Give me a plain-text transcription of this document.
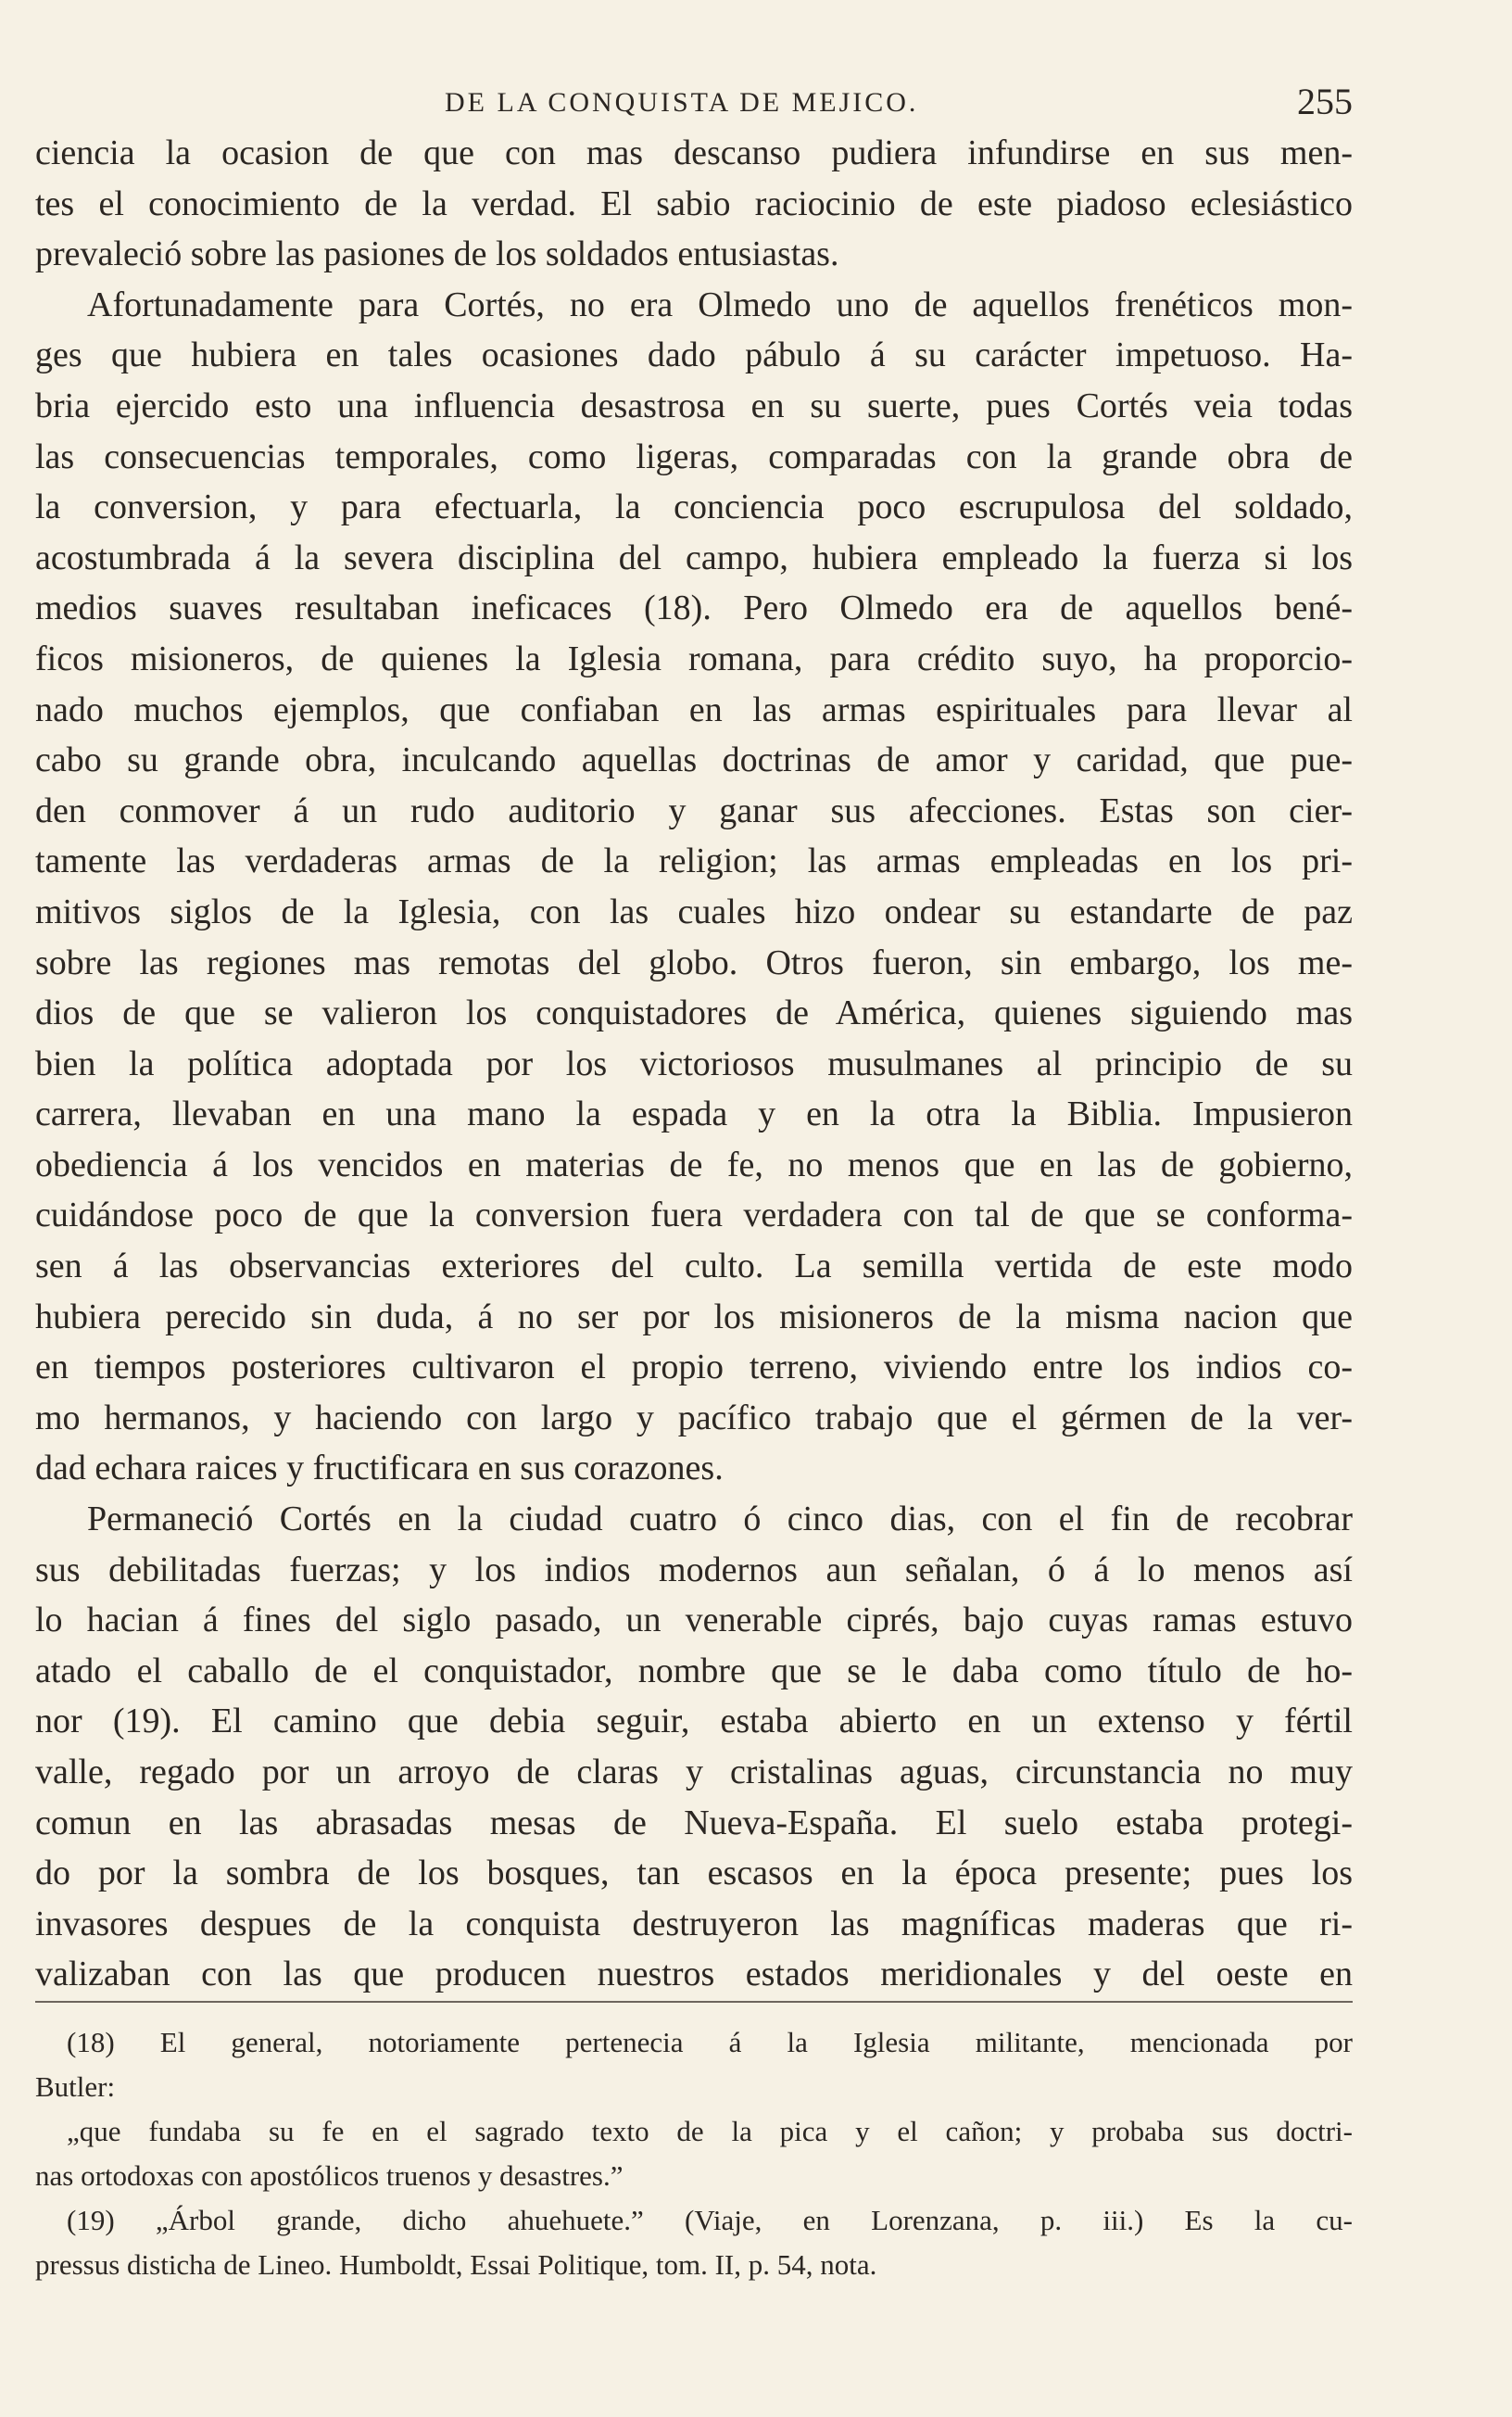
DE LA CONQUISTA DE MEJICO.	255
ciencia la ocasion de que con mas descanso pudiera infundirse en sus men-
tes el conocimiento de la verdad. El sabio raciocinio de este piadoso eclesiástico
prevaleció sobre las pasiones de los soldados entusiastas.
Afortunadamente para Cortés, no era Olmedo uno de aquellos frenéticos mon-
ges que hubiera en tales ocasiones dado pábulo á su carácter impetuoso. Ha-
bria ejercido esto una influencia desastrosa en su suerte, pues Cortés veia todas
las consecuencias temporales, como ligeras, comparadas con la grande obra de
la conversion, y para efectuarla, la conciencia poco escrupulosa del soldado,
acostumbrada á la severa disciplina del campo, hubiera empleado la fuerza si los
medios suaves resultaban ineficaces (18). Pero Olmedo era de aquellos bené-
ficos misioneros, de quienes la Iglesia romana, para crédito suyo, ha proporcio-
nado muchos ejemplos, que confiaban en las armas espirituales para llevar al
cabo su grande obra, inculcando aquellas doctrinas de amor y caridad, que pue-
den conmover á un rudo auditorio y ganar sus afecciones. Estas son cier-
tamente las verdaderas armas de la religion; las armas empleadas en los pri-
mitivos siglos de la Iglesia, con las cuales hizo ondear su estandarte de paz
sobre las regiones mas remotas del globo. Otros fueron, sin embargo, los me-
dios de que se valieron los conquistadores de América, quienes siguiendo mas
bien la política adoptada por los victoriosos musulmanes al principio de su
carrera, llevaban en una mano la espada y en la otra la Biblia. Impusieron
obediencia á los vencidos en materias de fe, no menos que en las de gobierno,
cuidándose poco de que la conversion fuera verdadera con tal de que se conforma-
sen á las observancias exteriores del culto. La semilla vertida de este modo
hubiera perecido sin duda, á no ser por los misioneros de la misma nacion que
en tiempos posteriores cultivaron el propio terreno, viviendo entre los indios co-
mo hermanos, y haciendo con largo y pacífico trabajo que el gérmen de la ver-
dad echara raices y fructificara en sus corazones.
Permaneció Cortés en la ciudad cuatro ó cinco dias, con el fin de recobrar
sus debilitadas fuerzas; y los indios modernos aun señalan, ó á lo menos así
lo hacian á fines del siglo pasado, un venerable ciprés, bajo cuyas ramas estuvo
atado el caballo de el conquistador, nombre que se le daba como título de ho-
nor (19). El camino que debia seguir, estaba abierto en un extenso y fértil
valle, regado por un arroyo de claras y cristalinas aguas, circunstancia no muy
comun en las abrasadas mesas de Nueva-España. El suelo estaba protegi-
do por la sombra de los bosques, tan escasos en la época presente; pues los
invasores despues de la conquista destruyeron las magníficas maderas que ri-
valizaban con las que producen nuestros estados meridionales y del oeste en
(18) El general, notoriamente pertenecia á la Iglesia militante, mencionada por
Butler:
„que fundaba su fe en el sagrado texto de la pica y el cañon; y probaba sus doctri-
nas ortodoxas con apostólicos truenos y desastres.”
(19) „Árbol grande, dicho ahuehuete.” (Viaje, en Lorenzana, p. iii.) Es la cu-
pressus disticha de Lineo. Humboldt, Essai Politique, tom. II, p. 54, nota.
